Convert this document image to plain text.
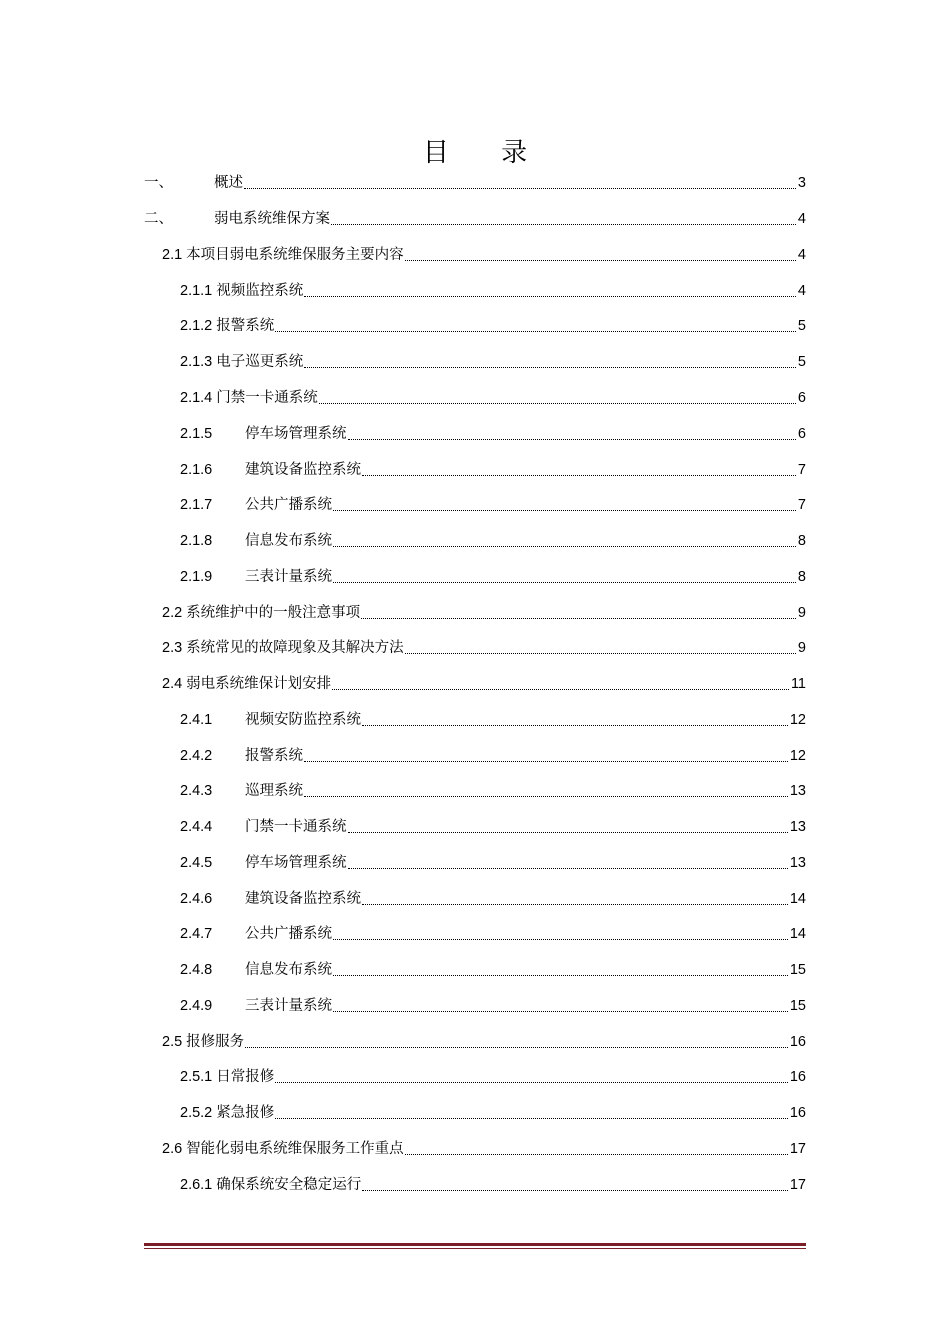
目 录
一、	概述	3
二、	弱电系统维保方案	4
2.1 本项目弱电系统维保服务主要内容	4
2.1.1 视频监控系统	4
2.1.2 报警系统	5
2.1.3 电子巡更系统	5
2.1.4 门禁一卡通系统	6
2.1.5	停车场管理系统	6
2.1.6	建筑设备监控系统	7
2.1.7	公共广播系统	7
2.1.8	信息发布系统	8
2.1.9	三表计量系统	8
2.2 系统维护中的一般注意事项	9
2.3 系统常见的故障现象及其解决方法	9
2.4 弱电系统维保计划安排	11
2.4.1	视频安防监控系统	12
2.4.2	报警系统	12
2.4.3	巡理系统	13
2.4.4	门禁一卡通系统	13
2.4.5	停车场管理系统	13
2.4.6	建筑设备监控系统	14
2.4.7	公共广播系统	14
2.4.8	信息发布系统	15
2.4.9	三表计量系统	15
2.5 报修服务	16
2.5.1 日常报修	16
2.5.2 紧急报修	16
2.6 智能化弱电系统维保服务工作重点	17
2.6.1 确保系统安全稳定运行	17
